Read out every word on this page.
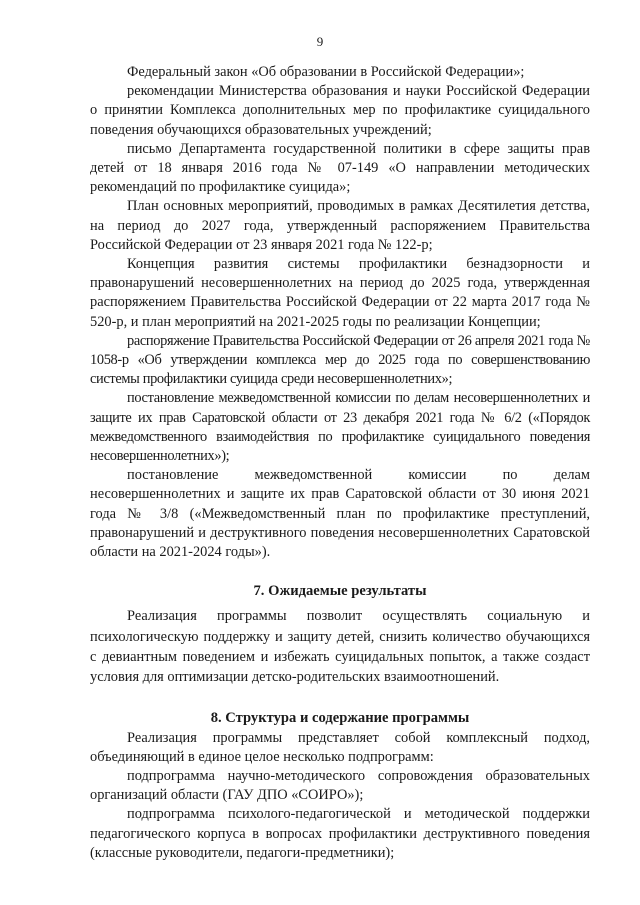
9

Федеральный закон «Об образовании в Российской Федерации»;

рекомендации Министерства образования и науки Российской Федерации о принятии Комплекса дополнительных мер по профилактике суицидального поведения обучающихся образовательных учреждений;

письмо Департамента государственной политики в сфере защиты прав детей от 18 января 2016 года № 07-149 «О направлении методических рекомендаций по профилактике суицида»;

План основных мероприятий, проводимых в рамках Десятилетия детства, на период до 2027 года, утвержденный распоряжением Правительства Российской Федерации от 23 января 2021 года № 122-р;

Концепция развития системы профилактики безнадзорности и правонарушений несовершеннолетних на период до 2025 года, утвержденная распоряжением Правительства Российской Федерации от 22 марта 2017 года № 520-р, и план мероприятий на 2021-2025 годы по реализации Концепции;

распоряжение Правительства Российской Федерации от 26 апреля 2021 года № 1058-р «Об утверждении комплекса мер до 2025 года по совершенствованию системы профилактики суицида среди несовершеннолетних»;

постановление межведомственной комиссии по делам несовершеннолетних и защите их прав Саратовской области от 23 декабря 2021 года № 6/2 («Порядок межведомственного взаимодействия по профилактике суицидального поведения несовершеннолетних»);

постановление межведомственной комиссии по делам несовершеннолетних и защите их прав Саратовской области от 30 июня 2021 года № 3/8 («Межведомственный план по профилактике преступлений, правонарушений и деструктивного поведения несовершеннолетних Саратовской области на 2021-2024 годы»).

7. Ожидаемые результаты

Реализация программы позволит осуществлять социальную и психологическую поддержку и защиту детей, снизить количество обучающихся с девиантным поведением и избежать суицидальных попыток, а также создаст условия для оптимизации детско-родительских взаимоотношений.

8. Структура и содержание программы

Реализация программы представляет собой комплексный подход, объединяющий в единое целое несколько подпрограмм:

подпрограмма научно-методического сопровождения образовательных организаций области (ГАУ ДПО «СОИРО»);

подпрограмма психолого-педагогической и методической поддержки педагогического корпуса в вопросах профилактики деструктивного поведения (классные руководители, педагоги-предметники);
